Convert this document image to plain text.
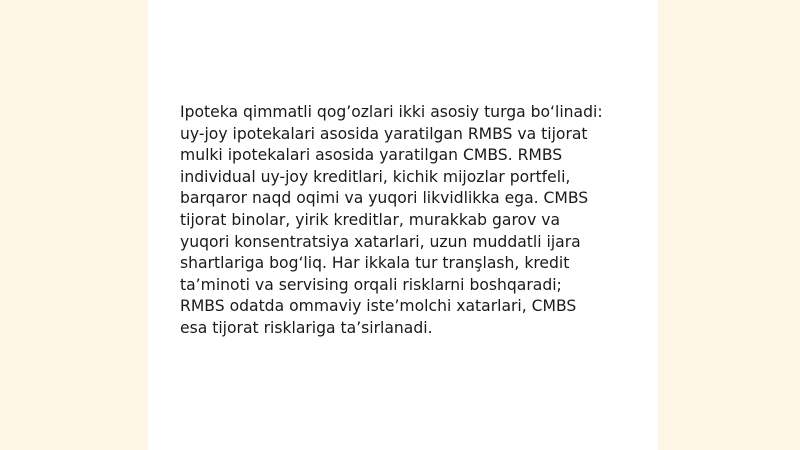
Ipoteka qimmatli qog’ozlari ikki asosiy turga bo‘linadi:
uy-joy ipotekalari asosida yaratilgan RMBS va tijorat
mulki ipotekalari asosida yaratilgan CMBS. RMBS
individual uy-joy kreditlari, kichik mijozlar portfeli,
barqaror naqd oqimi va yuqori likvidlikka ega. CMBS
tijorat binolar, yirik kreditlar, murakkab garov va
yuqori konsentratsiya xatarlari, uzun muddatli ijara
shartlariga bog‘liq. Har ikkala tur tranşlash, kredit
ta’minoti va servising orqali risklarni boshqaradi;
RMBS odatda ommaviy iste’molchi xatarlari, CMBS
esa tijorat risklariga ta’sirlanadi.
